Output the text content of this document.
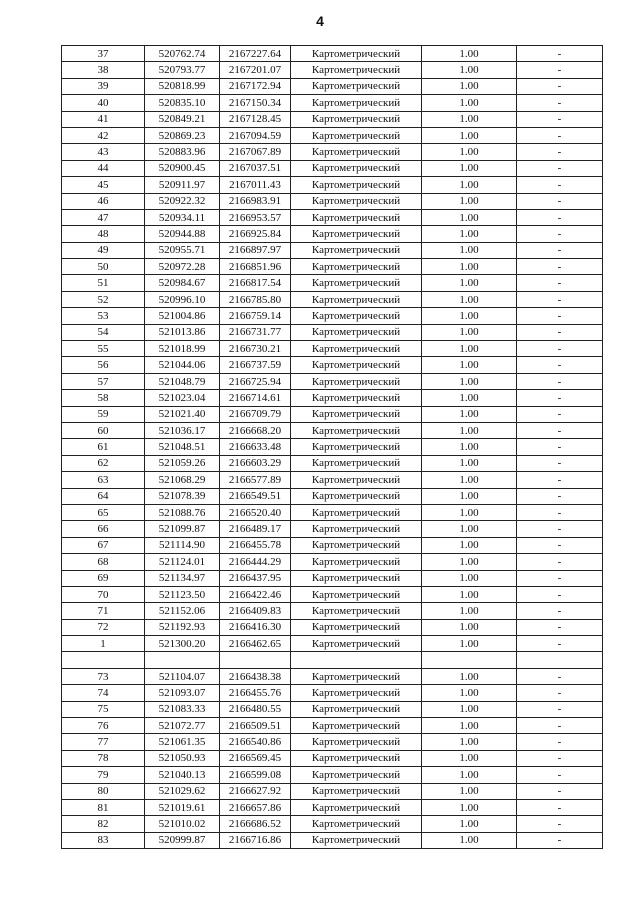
4
37	520762.74	2167227.64	Картометрический	1.00	-
38	520793.77	2167201.07	Картометрический	1.00	-
39	520818.99	2167172.94	Картометрический	1.00	-
40	520835.10	2167150.34	Картометрический	1.00	-
41	520849.21	2167128.45	Картометрический	1.00	-
42	520869.23	2167094.59	Картометрический	1.00	-
43	520883.96	2167067.89	Картометрический	1.00	-
44	520900.45	2167037.51	Картометрический	1.00	-
45	520911.97	2167011.43	Картометрический	1.00	-
46	520922.32	2166983.91	Картометрический	1.00	-
47	520934.11	2166953.57	Картометрический	1.00	-
48	520944.88	2166925.84	Картометрический	1.00	-
49	520955.71	2166897.97	Картометрический	1.00	-
50	520972.28	2166851.96	Картометрический	1.00	-
51	520984.67	2166817.54	Картометрический	1.00	-
52	520996.10	2166785.80	Картометрический	1.00	-
53	521004.86	2166759.14	Картометрический	1.00	-
54	521013.86	2166731.77	Картометрический	1.00	-
55	521018.99	2166730.21	Картометрический	1.00	-
56	521044.06	2166737.59	Картометрический	1.00	-
57	521048.79	2166725.94	Картометрический	1.00	-
58	521023.04	2166714.61	Картометрический	1.00	-
59	521021.40	2166709.79	Картометрический	1.00	-
60	521036.17	2166668.20	Картометрический	1.00	-
61	521048.51	2166633.48	Картометрический	1.00	-
62	521059.26	2166603.29	Картометрический	1.00	-
63	521068.29	2166577.89	Картометрический	1.00	-
64	521078.39	2166549.51	Картометрический	1.00	-
65	521088.76	2166520.40	Картометрический	1.00	-
66	521099.87	2166489.17	Картометрический	1.00	-
67	521114.90	2166455.78	Картометрический	1.00	-
68	521124.01	2166444.29	Картометрический	1.00	-
69	521134.97	2166437.95	Картометрический	1.00	-
70	521123.50	2166422.46	Картометрический	1.00	-
71	521152.06	2166409.83	Картометрический	1.00	-
72	521192.93	2166416.30	Картометрический	1.00	-
1	521300.20	2166462.65	Картометрический	1.00	-

73	521104.07	2166438.38	Картометрический	1.00	-
74	521093.07	2166455.76	Картометрический	1.00	-
75	521083.33	2166480.55	Картометрический	1.00	-
76	521072.77	2166509.51	Картометрический	1.00	-
77	521061.35	2166540.86	Картометрический	1.00	-
78	521050.93	2166569.45	Картометрический	1.00	-
79	521040.13	2166599.08	Картометрический	1.00	-
80	521029.62	2166627.92	Картометрический	1.00	-
81	521019.61	2166657.86	Картометрический	1.00	-
82	521010.02	2166686.52	Картометрический	1.00	-
83	520999.87	2166716.86	Картометрический	1.00	-
